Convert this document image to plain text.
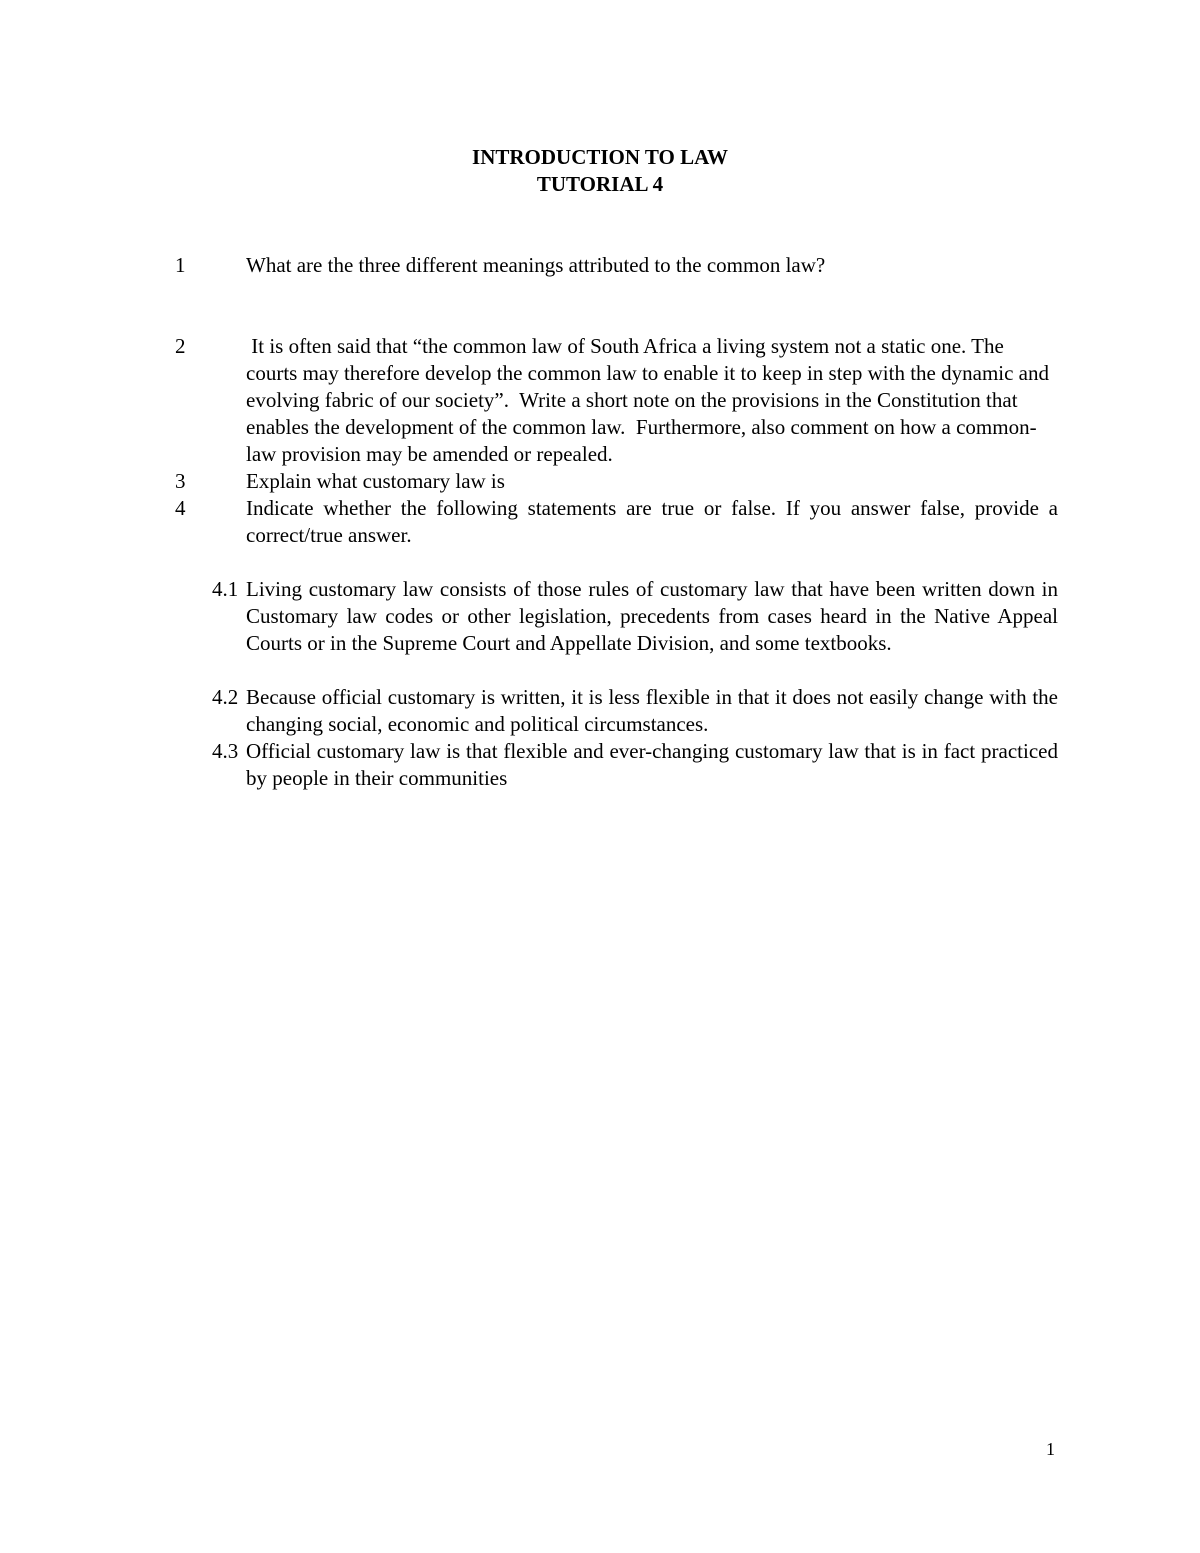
INTRODUCTION TO LAW
TUTORIAL 4
1	What are the three different meanings attributed to the common law?
2	It is often said that “the common law of South Africa a living system not a static one. The courts may therefore develop the common law to enable it to keep in step with the dynamic and evolving fabric of our society”.  Write a short note on the provisions in the Constitution that enables the development of the common law.  Furthermore, also comment on how a common-law provision may be amended or repealed.
3	Explain what customary law is
4	Indicate whether the following statements are true or false. If you answer false, provide a correct/true answer.
4.1 Living customary law consists of those rules of customary law that have been written down in Customary law codes or other legislation, precedents from cases heard in the Native Appeal Courts or in the Supreme Court and Appellate Division, and some textbooks.
4.2 Because official customary is written, it is less flexible in that it does not easily change with the changing social, economic and political circumstances.
4.3 Official customary law is that flexible and ever-changing customary law that is in fact practiced by people in their communities
1
